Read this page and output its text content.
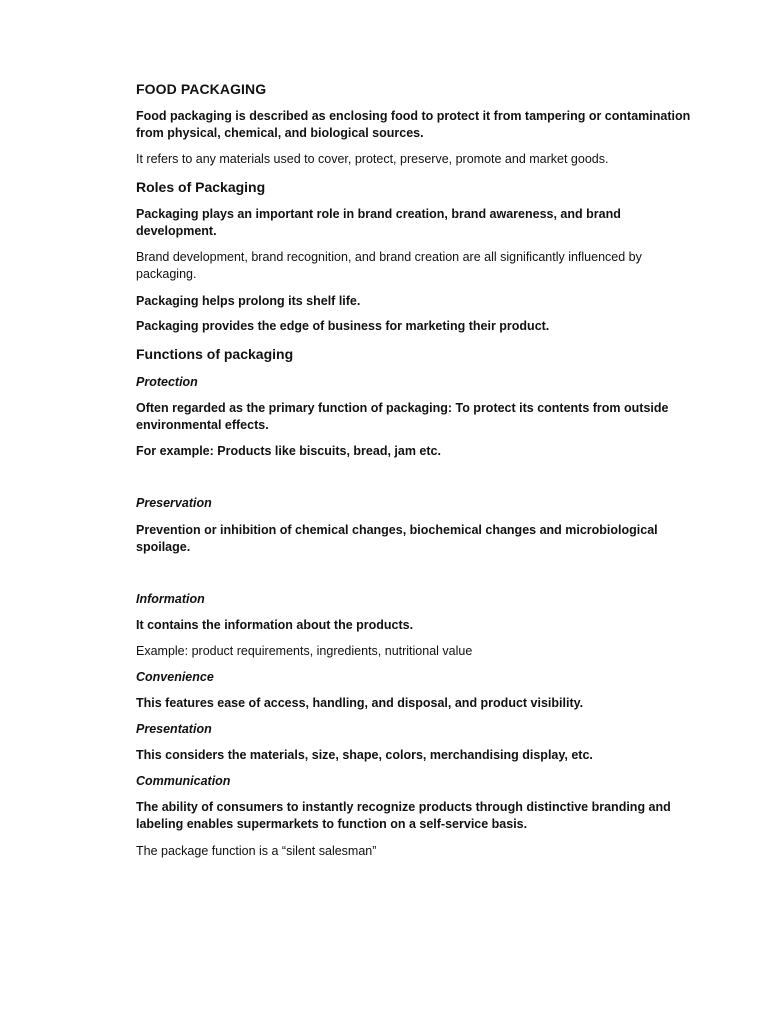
FOOD PACKAGING
Food packaging is described as enclosing food to protect it from tampering or contamination from physical, chemical, and biological sources.
It refers to any materials used to cover, protect, preserve, promote and market goods.
Roles of Packaging
Packaging plays an important role in brand creation, brand awareness, and brand development.
Brand development, brand recognition, and brand creation are all significantly influenced by packaging.
Packaging helps prolong its shelf life.
Packaging provides the edge of business for marketing their product.
Functions of packaging
Protection
Often regarded as the primary function of packaging: To protect its contents from outside environmental effects.
For example: Products like biscuits, bread, jam etc.
Preservation
Prevention or inhibition of chemical changes, biochemical changes and microbiological spoilage.
Information
It contains the information about the products.
Example: product requirements, ingredients, nutritional value
Convenience
This features ease of access, handling, and disposal, and product visibility.
Presentation
This considers the materials, size, shape, colors, merchandising display, etc.
Communication
The ability of consumers to instantly recognize products through distinctive branding and labeling enables supermarkets to function on a self-service basis.
The package function is a “silent salesman”
